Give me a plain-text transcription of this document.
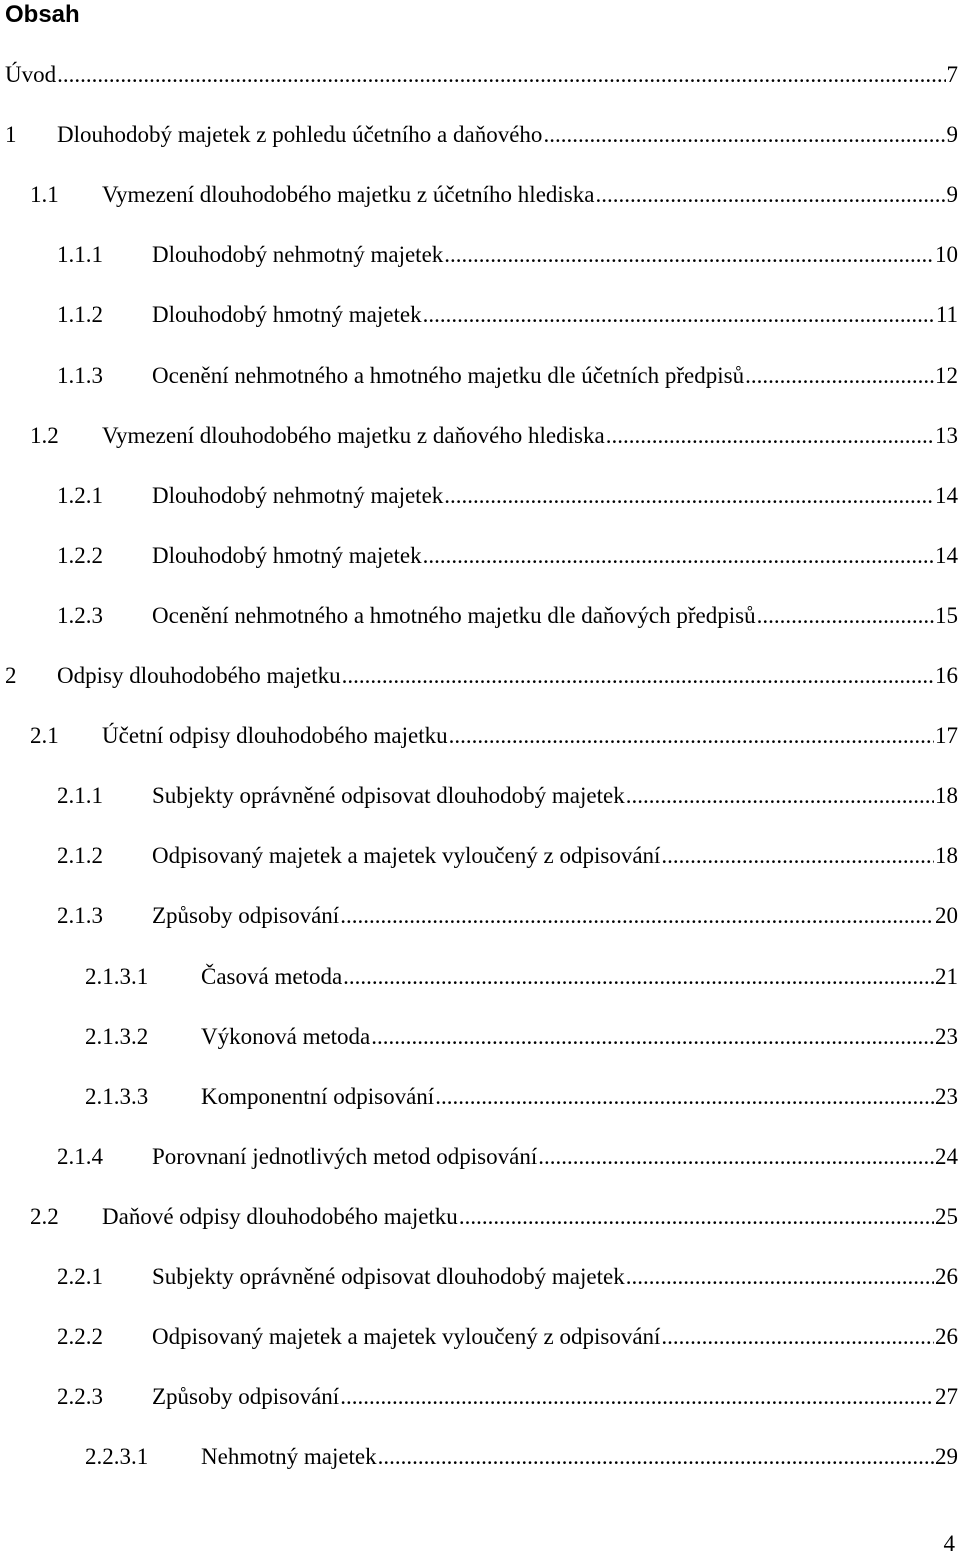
Obsah
Úvod .....	7
1 Dlouhodobý majetek z pohledu účetního a daňového .....	9
1.1 Vymezení dlouhodobého majetku z účetního hlediska .....	9
1.1.1 Dlouhodobý nehmotný majetek .....	10
1.1.2 Dlouhodobý hmotný majetek .....	11
1.1.3 Ocenění nehmotného a hmotného majetku dle účetních předpisů .....	12
1.2 Vymezení dlouhodobého majetku z daňového hlediska .....	13
1.2.1 Dlouhodobý nehmotný majetek .....	14
1.2.2 Dlouhodobý hmotný majetek .....	14
1.2.3 Ocenění nehmotného a hmotného majetku dle daňových předpisů .....	15
2 Odpisy dlouhodobého majetku .....	16
2.1 Účetní odpisy dlouhodobého majetku .....	17
2.1.1 Subjekty oprávněné odpisovat dlouhodobý majetek .....	18
2.1.2 Odpisovaný majetek a majetek vyloučený z odpisování .....	18
2.1.3 Způsoby odpisování .....	20
2.1.3.1 Časová metoda .....	21
2.1.3.2 Výkonová metoda .....	23
2.1.3.3 Komponentní odpisování .....	23
2.1.4 Porovnaní jednotlivých metod odpisování .....	24
2.2 Daňové odpisy dlouhodobého majetku .....	25
2.2.1 Subjekty oprávněné odpisovat dlouhodobý majetek .....	26
2.2.2 Odpisovaný majetek a majetek vyloučený z odpisování .....	26
2.2.3 Způsoby odpisování .....	27
2.2.3.1 Nehmotný majetek .....	29
4
